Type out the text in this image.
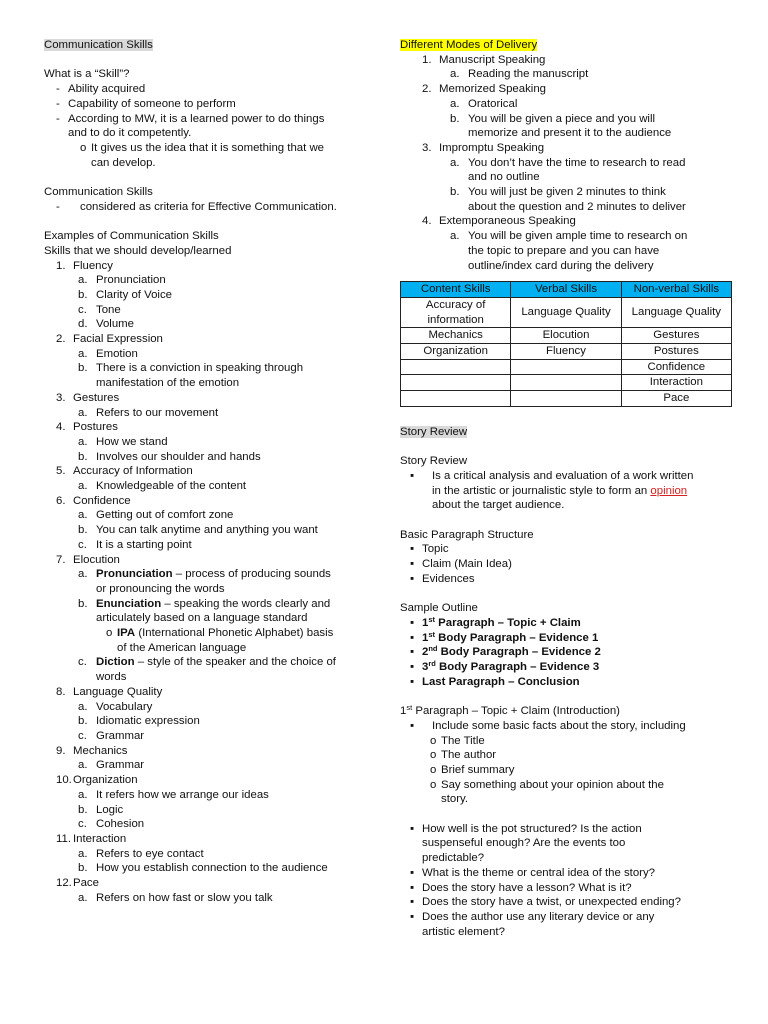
Communication Skills
What is a “Skill”?
- Ability acquired
- Capability of someone to perform
- According to MW, it is a learned power to do things
and to do it competently.
o It gives us the idea that it is something that we
can develop.
Communication Skills
-	considered as criteria for Effective Communication.
Examples of Communication Skills
Skills that we should develop/learned
1. Fluency
a. Pronunciation
b. Clarity of Voice
c. Tone
d. Volume
2. Facial Expression
a. Emotion
b. There is a conviction in speaking through
manifestation of the emotion
3. Gestures
a. Refers to our movement
4. Postures
a. How we stand
b. Involves our shoulder and hands
5. Accuracy of Information
a. Knowledgeable of the content
6. Confidence
a. Getting out of comfort zone
b. You can talk anytime and anything you want
c. It is a starting point
7. Elocution
a. Pronunciation – process of producing sounds
or pronouncing the words
b. Enunciation – speaking the words clearly and
articulately based on a language standard
o IPA (International Phonetic Alphabet) basis
of the American language
c. Diction – style of the speaker and the choice of
words
8. Language Quality
a. Vocabulary
b. Idiomatic expression
c. Grammar
9. Mechanics
a. Grammar
10. Organization
a. It refers how we arrange our ideas
b. Logic
c. Cohesion
11. Interaction
a. Refers to eye contact
b. How you establish connection to the audience
12. Pace
a. Refers on how fast or slow you talk
Different Modes of Delivery
1. Manuscript Speaking
a. Reading the manuscript
2. Memorized Speaking
a. Oratorical
b. You will be given a piece and you will
memorize and present it to the audience
3. Impromptu Speaking
a. You don’t have the time to research to read
and no outline
b. You will just be given 2 minutes to think
about the question and 2 minutes to deliver
4. Extemporaneous Speaking
a. You will be given ample time to research on
the topic to prepare and you can have
outline/index card during the delivery
Content Skills	Verbal Skills	Non-verbal Skills
Accuracy of information	Language Quality	Language Quality
Mechanics	Elocution	Gestures
Organization	Fluency	Postures
		Confidence
		Interaction
		Pace
Story Review
Story Review
▪	Is a critical analysis and evaluation of a work written
in the artistic or journalistic style to form an opinion
about the target audience.
Basic Paragraph Structure
▪ Topic
▪ Claim (Main Idea)
▪ Evidences
Sample Outline
▪ 1st Paragraph – Topic + Claim
▪ 1st Body Paragraph – Evidence 1
▪ 2nd Body Paragraph – Evidence 2
▪ 3rd Body Paragraph – Evidence 3
▪ Last Paragraph – Conclusion
1st Paragraph – Topic + Claim (Introduction)
▪	Include some basic facts about the story, including
o The Title
o The author
o Brief summary
o Say something about your opinion about the
story.
▪ How well is the pot structured? Is the action
suspenseful enough? Are the events too
predictable?
▪ What is the theme or central idea of the story?
▪ Does the story have a lesson? What is it?
▪ Does the story have a twist, or unexpected ending?
▪ Does the author use any literary device or any
artistic element?
